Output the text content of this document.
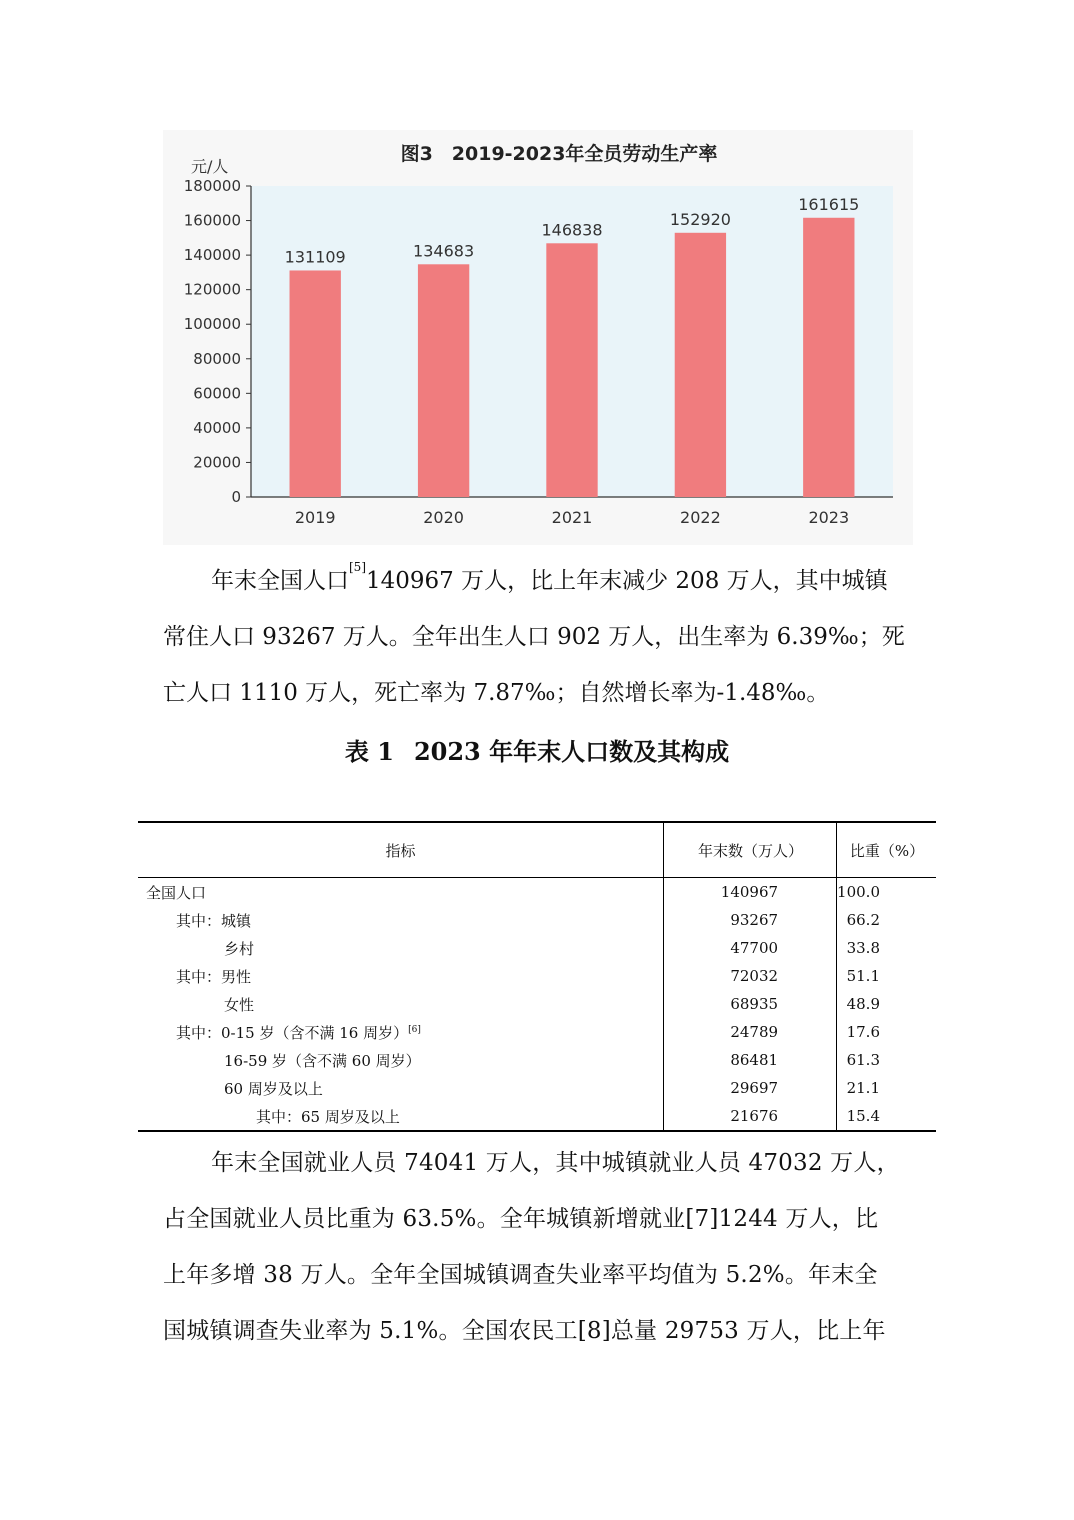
图3　2019-2023年全员劳动生产率
元/人
0
20000
40000
60000
80000
100000
120000
140000
160000
180000
131109
2019
134683
2020
146838
2021
152920
2022
161615
2023
年末全国人口[5]140967 万人，比上年末减少 208 万人，其中城镇
常住人口 93267 万人。全年出生人口 902 万人，出生率为 6.39‰；死
亡人口 1110 万人，死亡率为 7.87‰；自然增长率为-1.48‰。
表 1 2023 年年末人口数及其构成
指标	年末数（万人）	比重（%）
全国人口	140967	100.0
其中：城镇	93267	66.2
乡村	47700	33.8
其中：男性	72032	51.1
女性	68935	48.9
其中：0-15 岁（含不满 16 周岁）[6]	24789	17.6
16-59 岁（含不满 60 周岁）	86481	61.3
60 周岁及以上	29697	21.1
其中：65 周岁及以上	21676	15.4
年末全国就业人员 74041 万人，其中城镇就业人员 47032 万人，
占全国就业人员比重为 63.5%。全年城镇新增就业[7]1244 万人，比
上年多增 38 万人。全年全国城镇调查失业率平均值为 5.2%。年末全
国城镇调查失业率为 5.1%。全国农民工[8]总量 29753 万人，比上年
